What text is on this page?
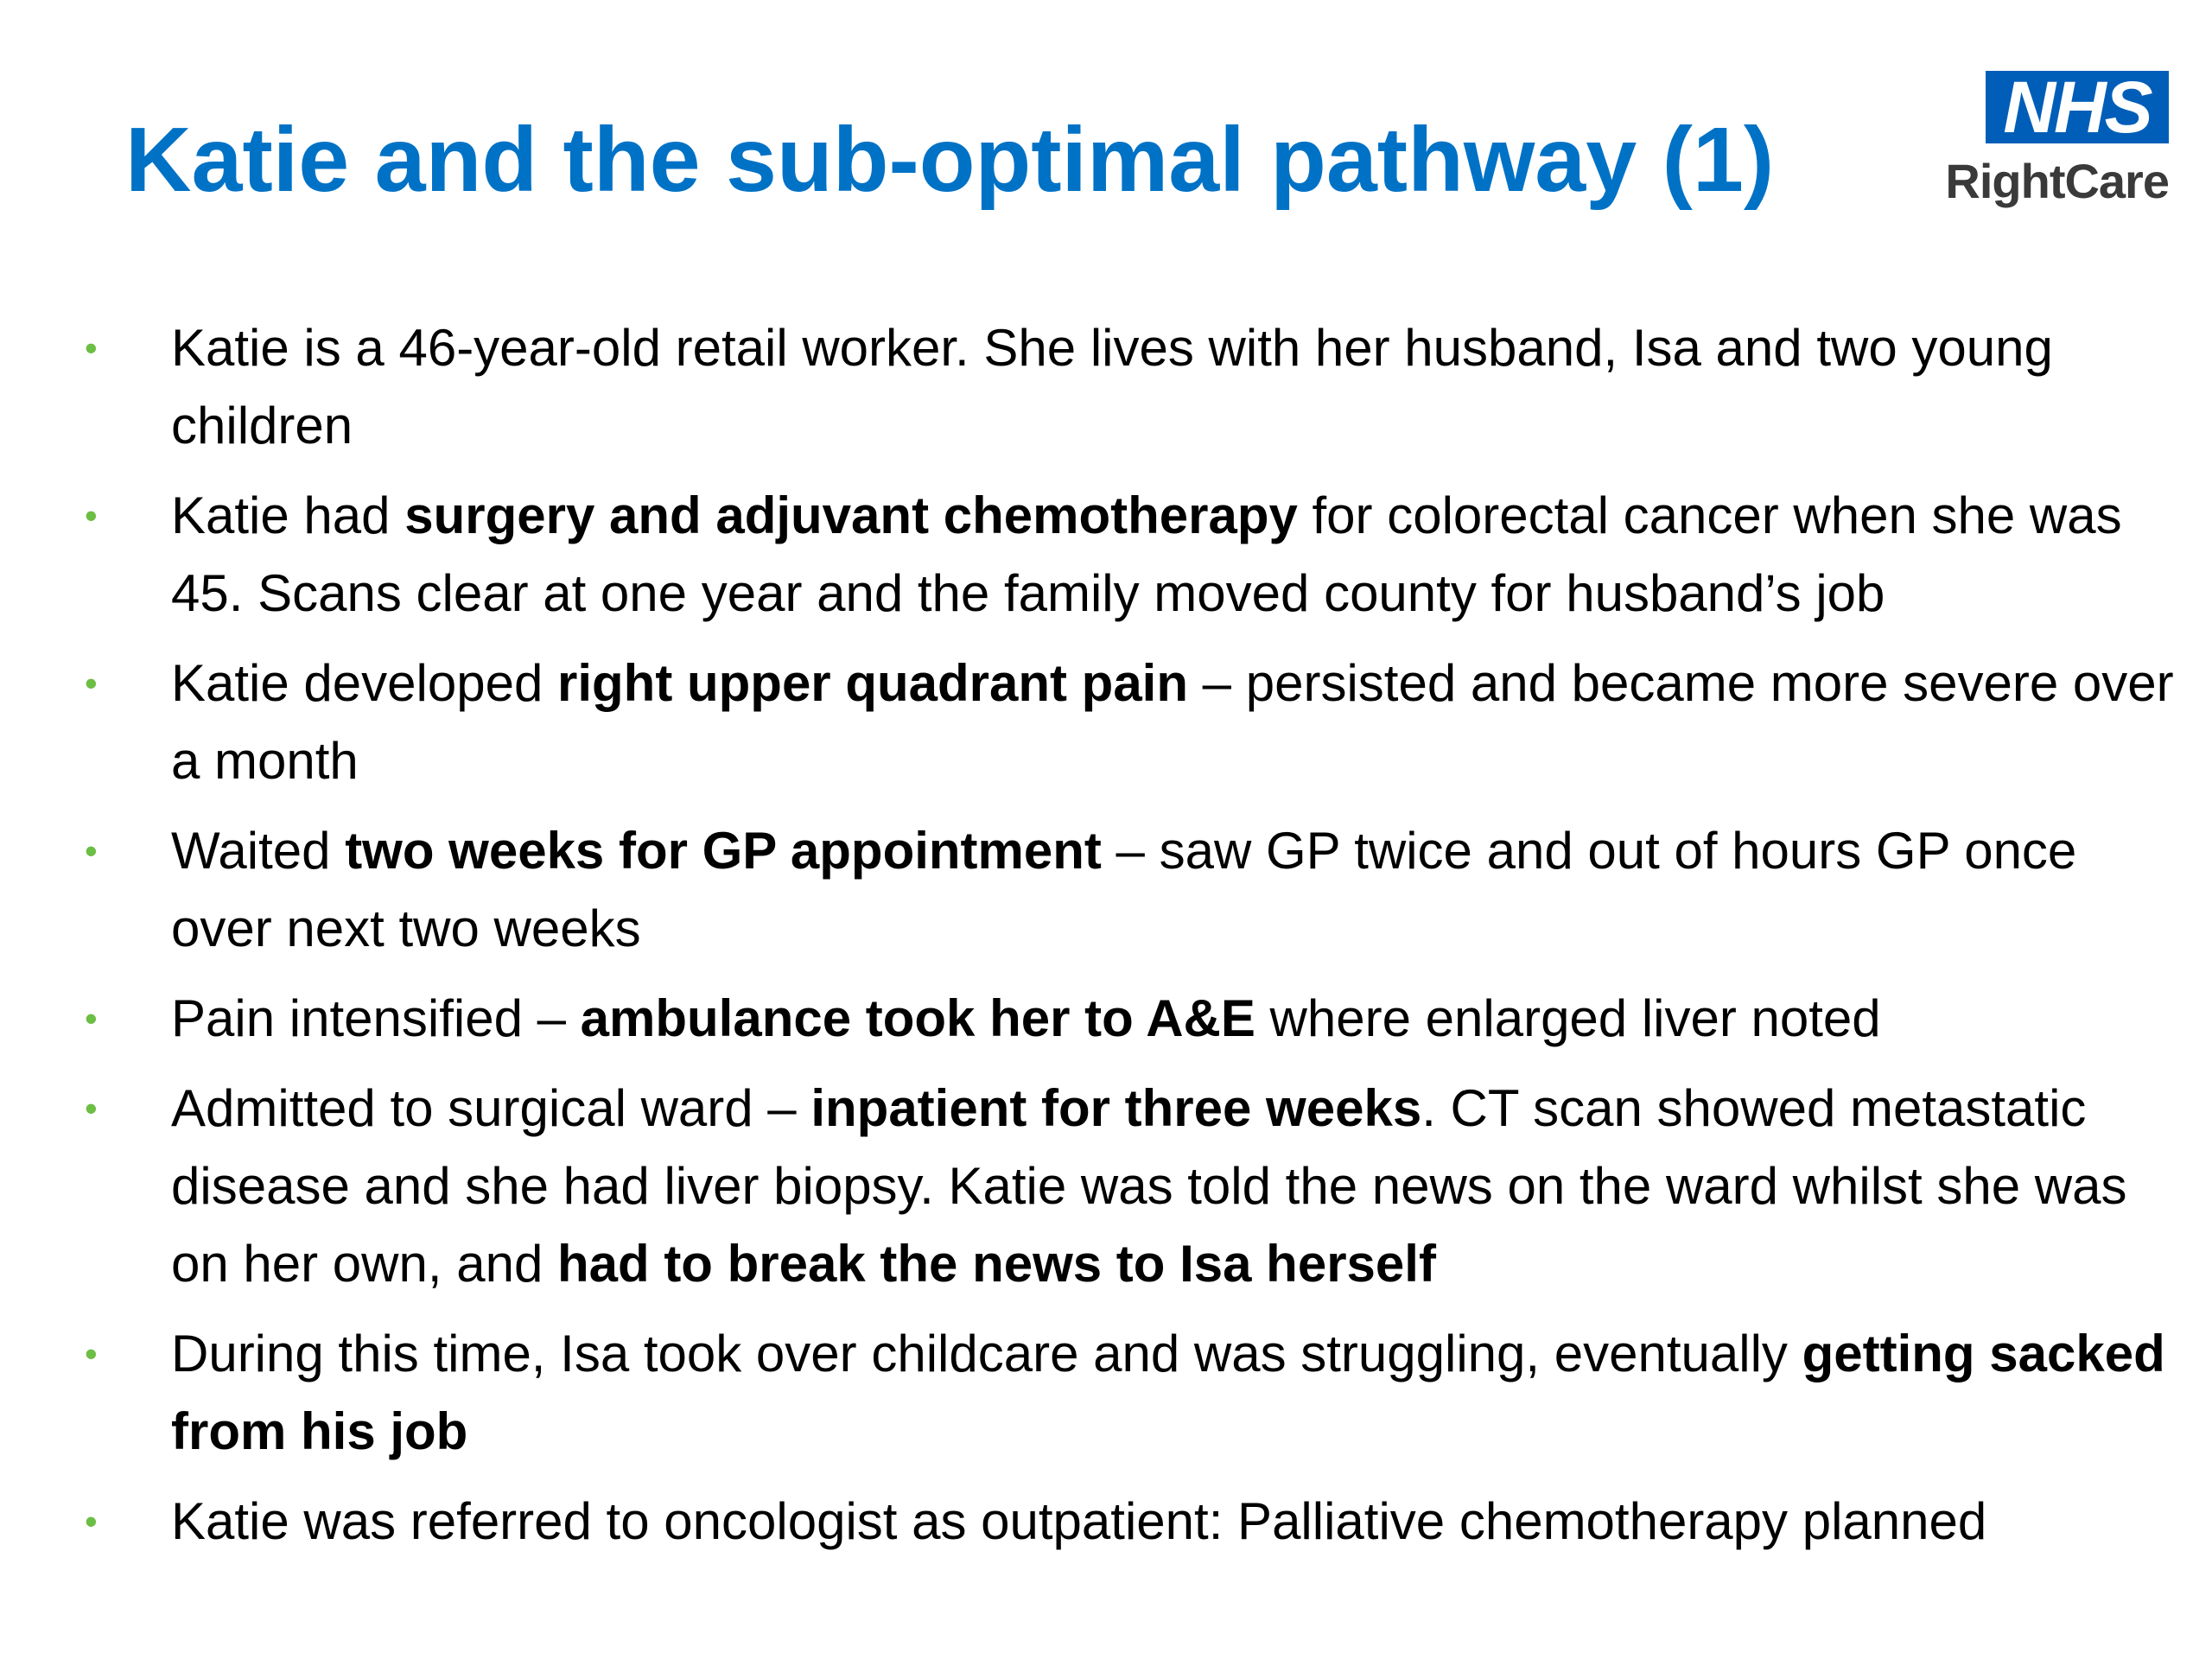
Katie and the sub-optimal pathway (1)
NHS
RightCare
• Katie is a 46-year-old retail worker. She lives with her husband, Isa and two young children
• Katie had surgery and adjuvant chemotherapy for colorectal cancer when she was 45. Scans clear at one year and the family moved county for husband’s job
• Katie developed right upper quadrant pain – persisted and became more severe over a month
• Waited two weeks for GP appointment – saw GP twice and out of hours GP once over next two weeks
• Pain intensified – ambulance took her to A&E where enlarged liver noted
• Admitted to surgical ward – inpatient for three weeks. CT scan showed metastatic disease and she had liver biopsy. Katie was told the news on the ward whilst she was on her own, and had to break the news to Isa herself
• During this time, Isa took over childcare and was struggling, eventually getting sacked from his job
• Katie was referred to oncologist as outpatient: Palliative chemotherapy planned
